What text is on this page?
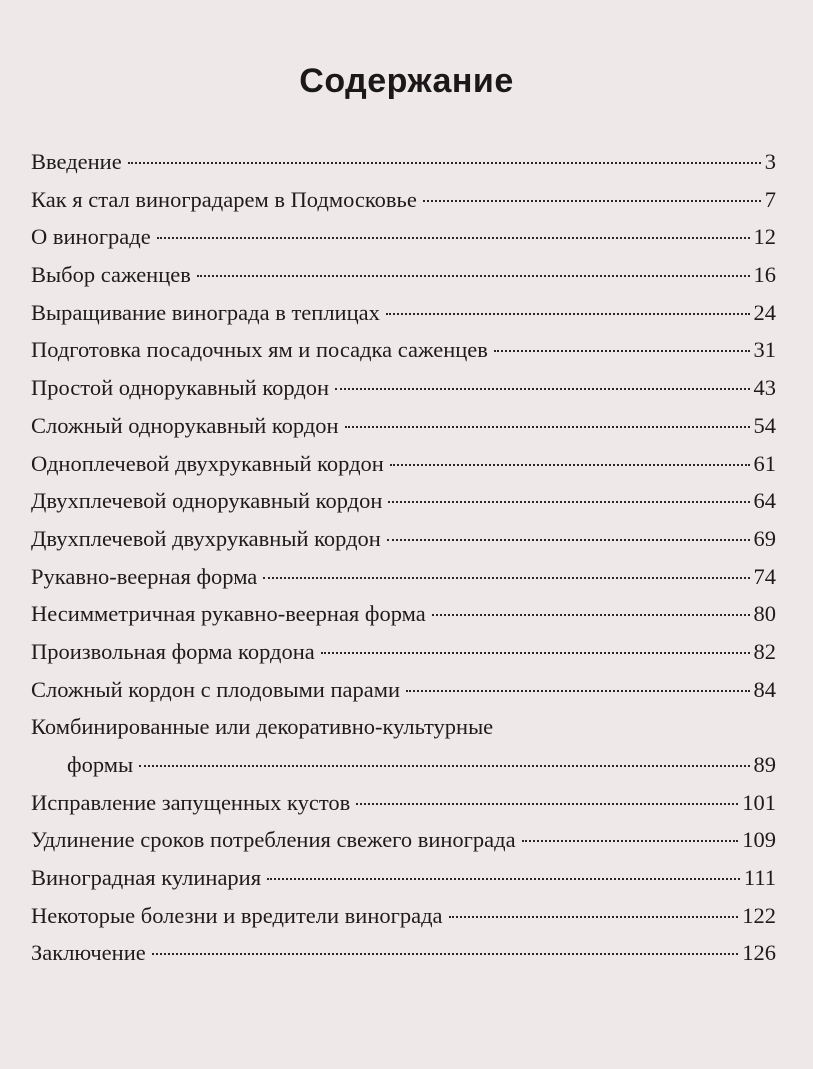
Содержание
Введение	3
Как я стал виноградарем в Подмосковье	7
О винограде	12
Выбор саженцев	16
Выращивание винограда в теплицах	24
Подготовка посадочных ям и посадка саженцев	31
Простой однорукавный кордон	43
Сложный однорукавный кордон	54
Одноплечевой двухрукавный кордон	61
Двухплечевой однорукавный кордон	64
Двухплечевой двухрукавный кордон	69
Рукавно-веерная форма	74
Несимметричная рукавно-веерная форма	80
Произвольная форма кордона	82
Сложный кордон с плодовыми парами	84
Комбинированные или декоративно-культурные
формы	89
Исправление запущенных кустов	101
Удлинение сроков потребления свежего винограда	109
Виноградная кулинария	111
Некоторые болезни и вредители винограда	122
Заключение	126
